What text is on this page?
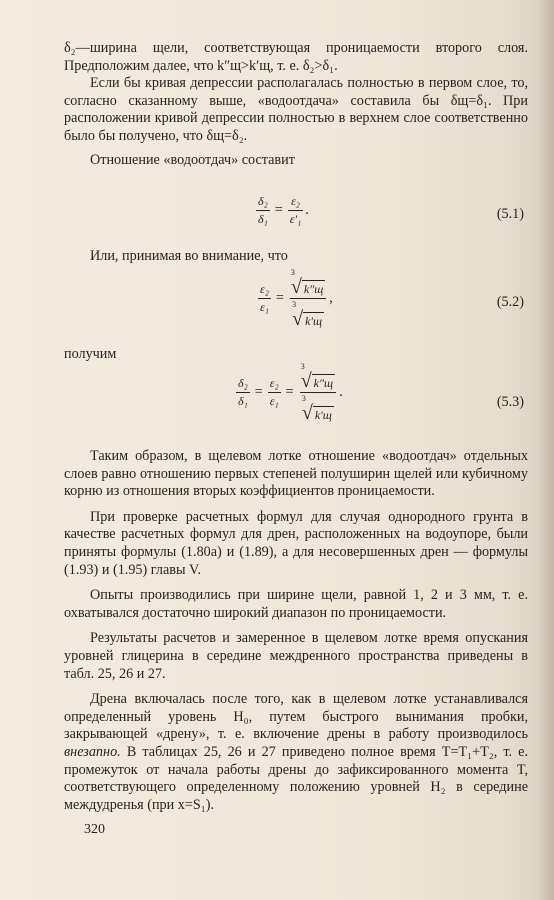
δ₂—ширина щели, соответствующая проницаемости второго слоя. Предположим далее, что k″щ>k′щ, т. е. δ₂>δ₁.

Если бы кривая депрессии располагалась полностью в первом слое, то, согласно сказанному выше, «водоотдача» составила бы δщ=δ₁. При расположении кривой депрессии полностью в верхнем слое соответственно было бы получено, что δщ=δ₂.

Отношение «водоотдач» составит

$\frac{\text{δ₂}}{\text{δ₁}} = \frac{\text{ε₂}}{\text{ε′₁}}$ .	(5.1)

Или, принимая во внимание, что

$\frac{\text{ε₂}}{\text{ε₁}} = 3$
√ k″щ
3
√ k′щ ,	(5.2)

получим

$\frac{\text{δ₂}}{\text{δ₁}} = \frac{\text{ε₂}}{\text{ε₁}} = 3$
√ k″щ
3
√ k′щ .
(5.3)

Таким образом, в щелевом лотке отношение «водоотдач» отдельных слоев равно отношению первых степеней полуширин щелей или кубичному корню из отношения вторых коэффициентов проницаемости.

При проверке расчетных формул для случая однородного грунта в качестве расчетных формул для дрен, расположенных на водоупоре, были приняты формулы (1.80а) и (1.89), а для несовершенных дрен — формулы (1.93) и (1.95) главы V.

Опыты производились при ширине щели, равной 1, 2 и 3 мм, т. е. охватывался достаточно широкий диапазон по проницаемости.

Результаты расчетов и замеренное в щелевом лотке время опускания уровней глицерина в середине междренного пространства приведены в табл. 25, 26 и 27.

Дрена включалась после того, как в щелевом лотке устанавливался определенный уровень H₀, путем быстрого вынимания пробки, закрывающей «дрену», т. е. включение дрены в работу производилось внезапно. В таблицах 25, 26 и 27 приведено полное время T=T₁+T₂, т. е. промежуток от начала работы дрены до зафиксированного момента T, соответствующего определенному положению уровней H₂ в середине междудренья (при x=S₁).

320
